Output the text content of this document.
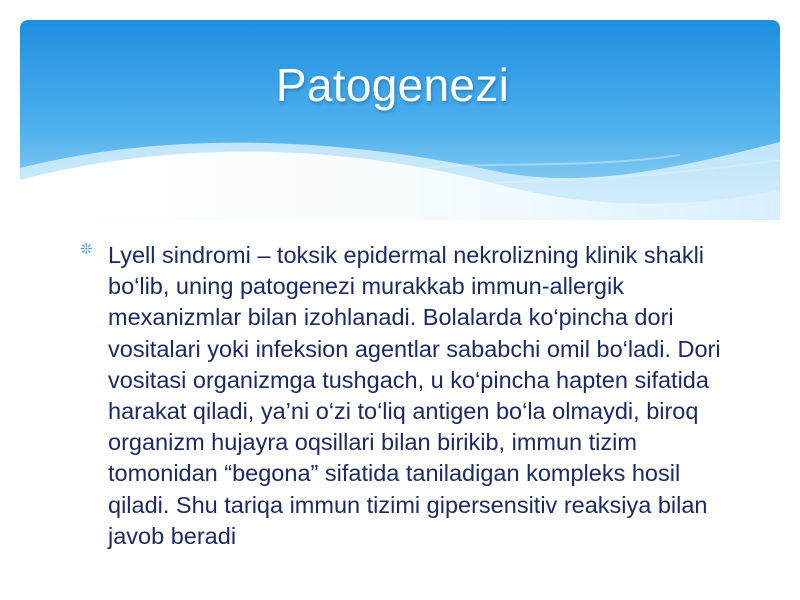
Patogenezi
❊ Lyell sindromi – toksik epidermal nekrolizning klinik shakli bo‘lib, uning patogenezi murakkab immun-allergik mexanizmlar bilan izohlanadi. Bolalarda ko‘pincha dori vositalari yoki infeksion agentlar sababchi omil bo‘ladi. Dori vositasi organizmga tushgach, u ko‘pincha hapten sifatida harakat qiladi, ya’ni o‘zi to‘liq antigen bo‘la olmaydi, biroq organizm hujayra oqsillari bilan birikib, immun tizim tomonidan “begona” sifatida taniladigan kompleks hosil qiladi. Shu tariqa immun tizimi gipersensitiv reaksiya bilan javob beradi
